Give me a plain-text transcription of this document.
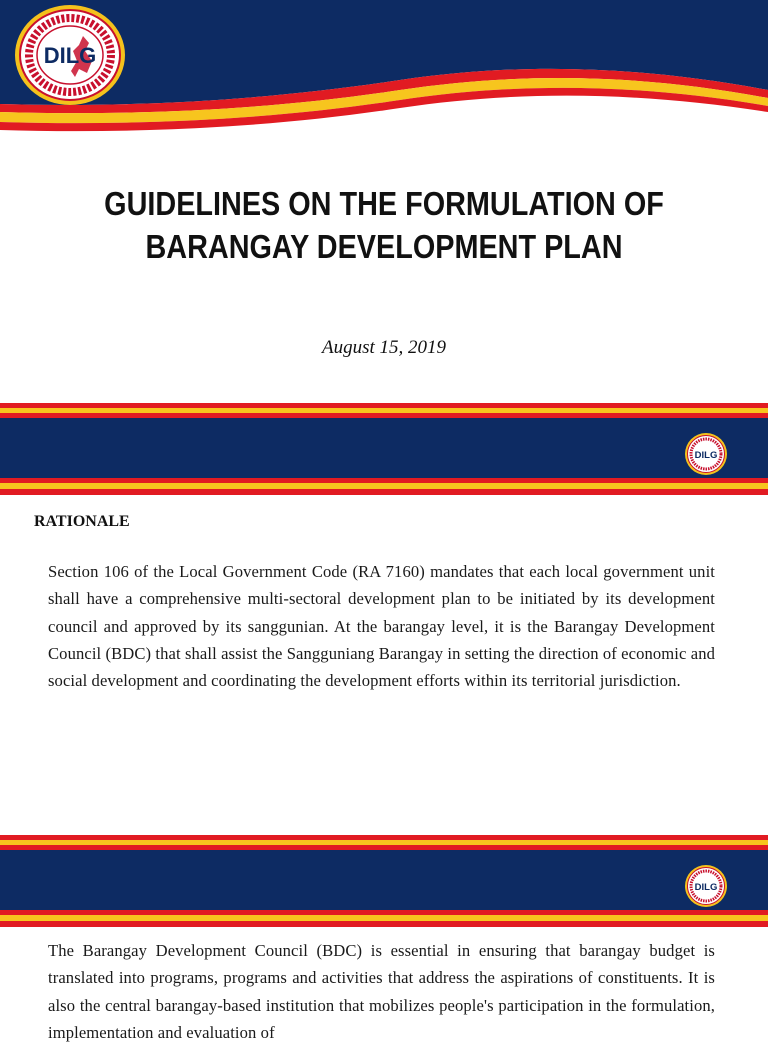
DILG
GUIDELINES ON THE FORMULATION OF
BARANGAY DEVELOPMENT PLAN
August 15, 2019
DILG
RATIONALE
Section 106 of the Local Government Code (RA 7160) mandates that each local government unit shall have a comprehensive multi-sectoral development plan to be initiated by its development council and approved by its sanggunian. At the barangay level, it is the Barangay Development Council (BDC) that shall assist the Sangguniang Barangay in setting the direction of economic and social development and coordinating the development efforts within its territorial jurisdiction.
DILG
The Barangay Development Council (BDC) is essential in ensuring that barangay budget is translated into programs, programs and activities that address the aspirations of constituents. It is also the central barangay-based institution that mobilizes people's participation in the formulation, implementation and evaluation of
